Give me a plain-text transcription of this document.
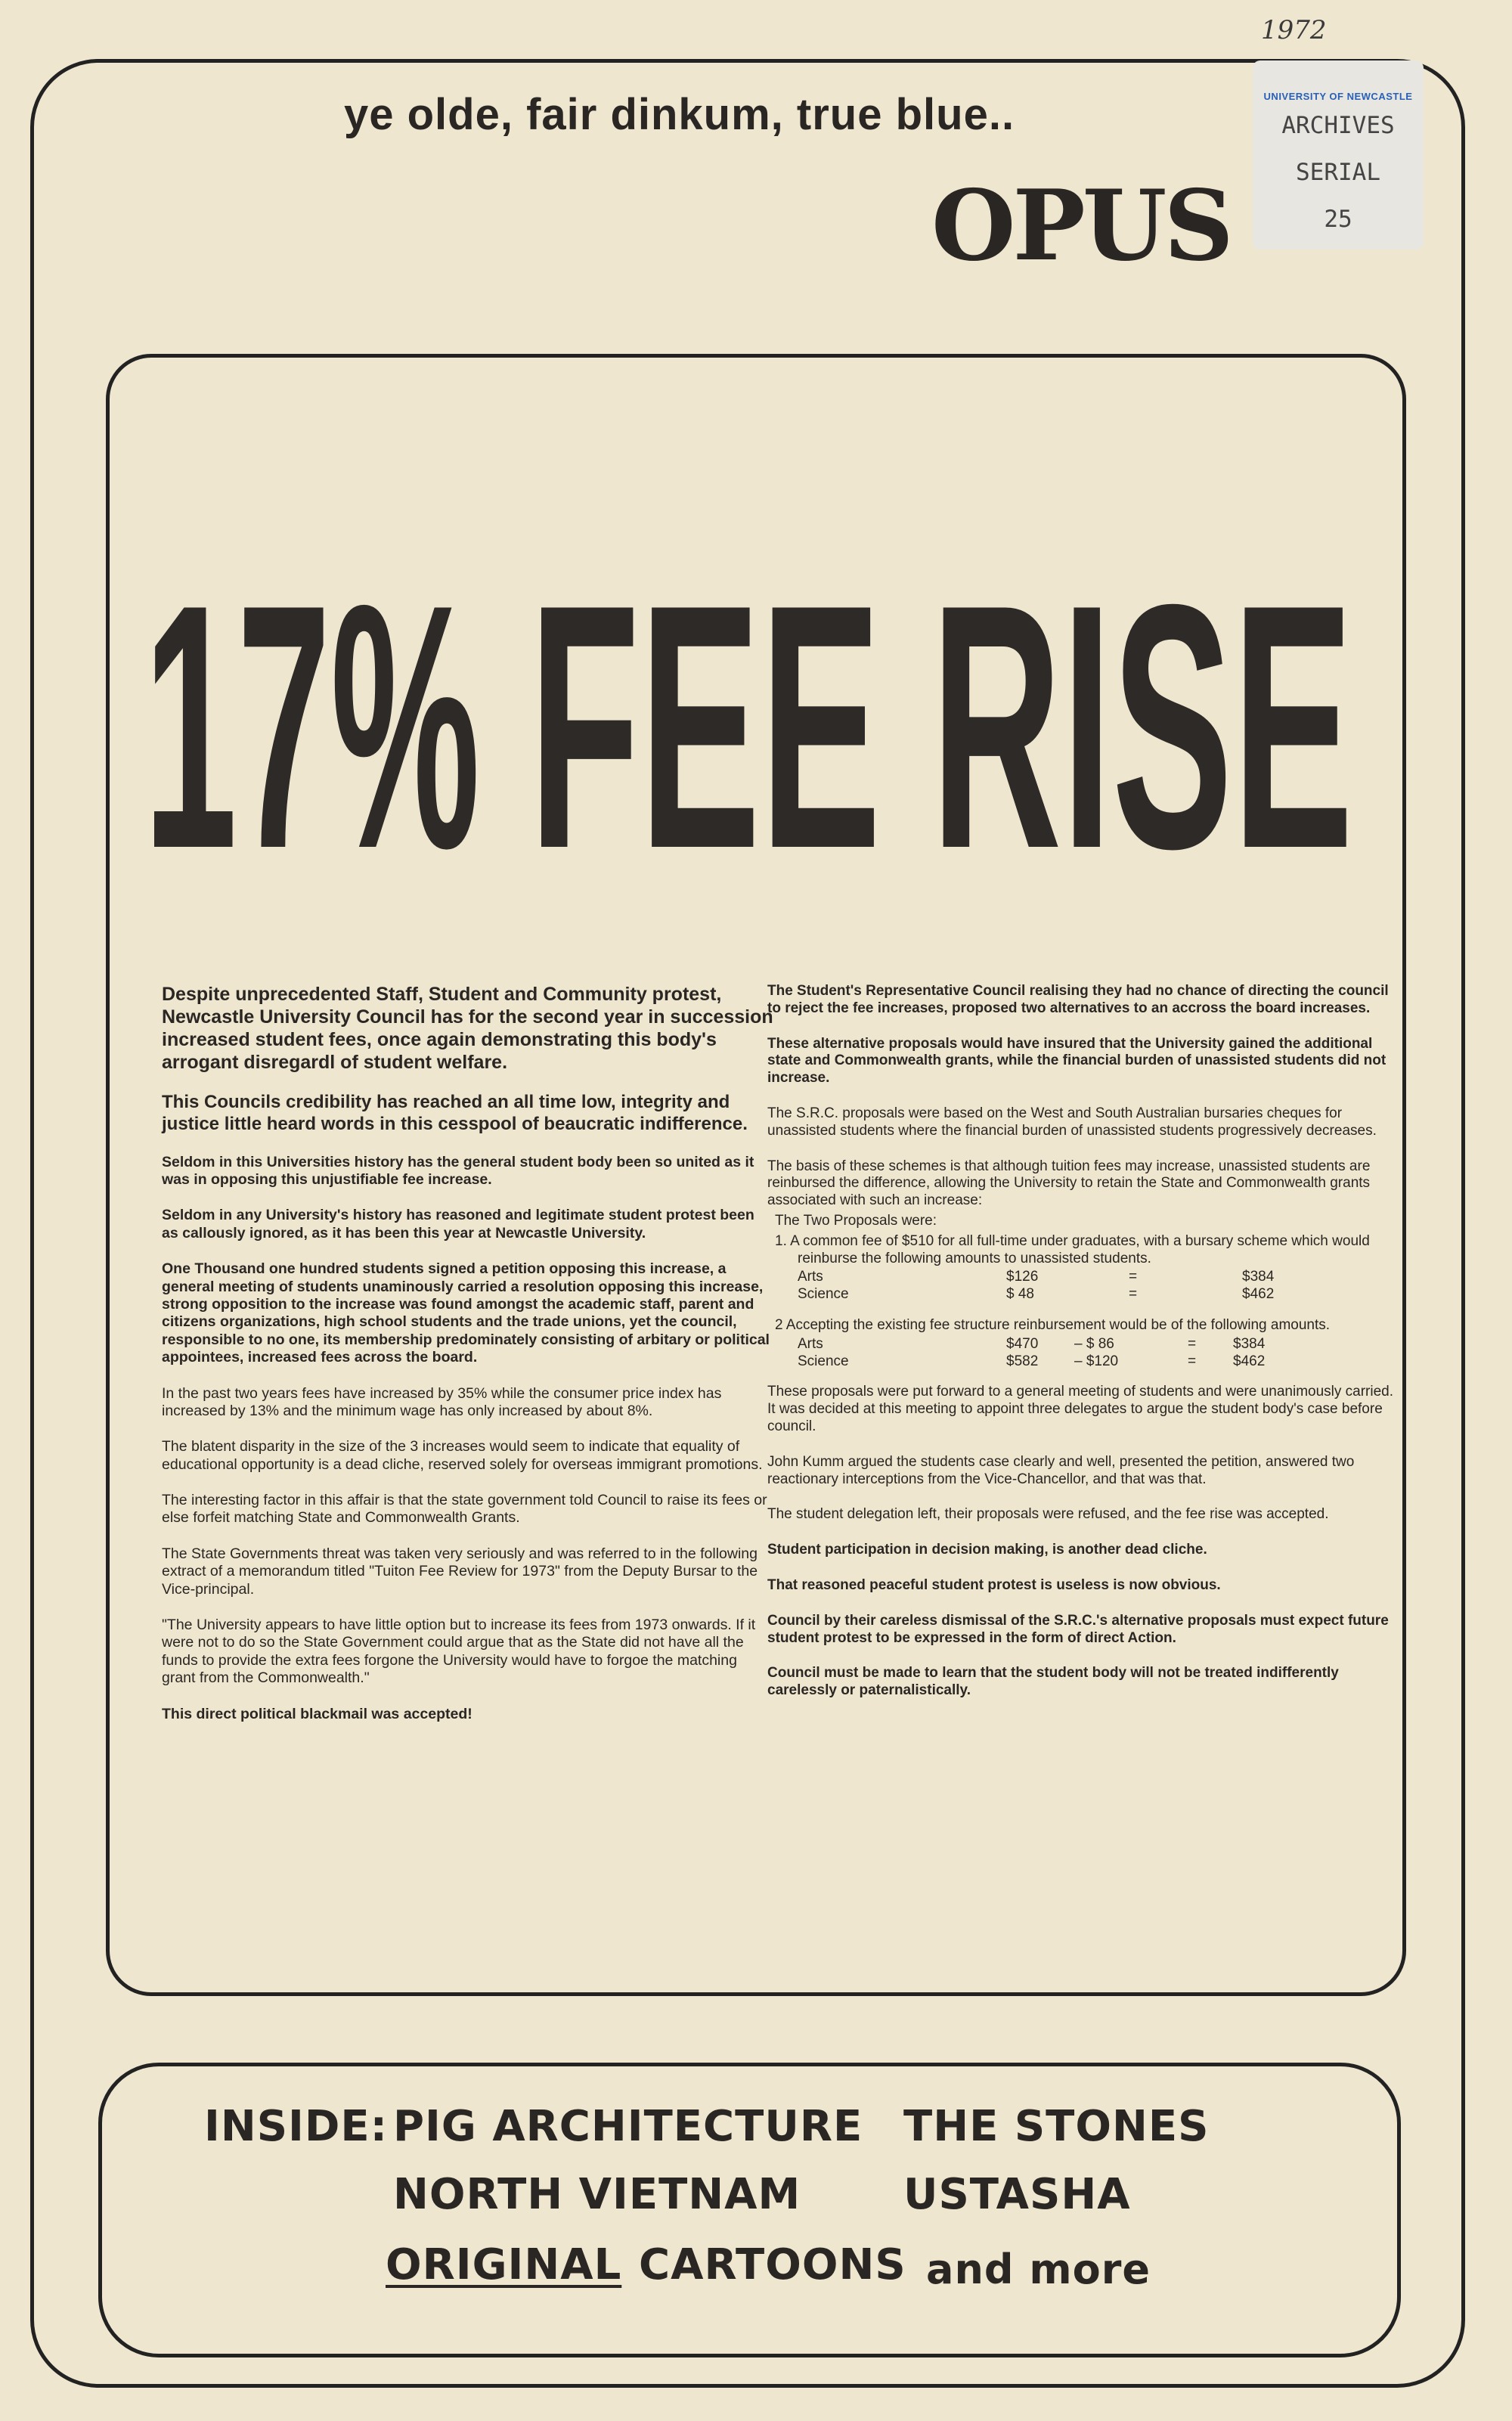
1972
UNIVERSITY OF NEWCASTLE
ARCHIVES
SERIAL
25
ye olde, fair dinkum, true blue..
OPUS
17% FEE RISE

Despite unprecedented Staff, Student and Community protest, Newcastle University Council has for the second year in succession increased student fees, once again demonstrating this body's arrogant disregardl of student welfare.

This Councils credibility has reached an all time low, integrity and justice little heard words in this cesspool of beaucratic indifference.

Seldom in this Universities history has the general student body been so united as it was in opposing this unjustifiable fee increase.

Seldom in any University's history has reasoned and legitimate student protest been as callously ignored, as it has been this year at Newcastle University.

One Thousand one hundred students signed a petition opposing this increase, a general meeting of students unaminously carried a resolution opposing this increase, strong opposition to the increase was found amongst the academic staff, parent and citizens organizations, high school students and the trade unions, yet the council, responsible to no one, its membership predominately consisting of arbitary or political appointees, increased fees across the board.

In the past two years fees have increased by 35% while the consumer price index has increased by 13% and the minimum wage has only increased by about 8%.

The blatent disparity in the size of the 3 increases would seem to indicate that equality of educational opportunity is a dead cliche, reserved solely for overseas immigrant promotions.

The interesting factor in this affair is that the state government told Council to raise its fees or else forfeit matching State and Commonwealth Grants.

The State Governments threat was taken very seriously and was referred to in the following extract of a memorandum titled "Tuiton Fee Review for 1973" from the Deputy Bursar to the Vice-principal.

"The University appears to have little option but to increase its fees from 1973 onwards. If it were not to do so the State Government could argue that as the State did not have all the funds to provide the extra fees forgone the University would have to forgoe the matching grant from the Commonwealth."

This direct political blackmail was accepted!

The Student's Representative Council realising they had no chance of directing the council to reject the fee increases, proposed two alternatives to an accross the board increases.

These alternative proposals would have insured that the University gained the additional state and Commonwealth grants, while the financial burden of unassisted students did not increase.

The S.R.C. proposals were based on the West and South Australian bursaries cheques for unassisted students where the financial burden of unassisted students progressively decreases.

The basis of these schemes is that although tuition fees may increase, unassisted students are reinbursed the difference, allowing the University to retain the State and Commonwealth grants associated with such an increase:

The Two Proposals were:

1. A common fee of $510 for all full-time under graduates, with a bursary scheme which would reinburse the following amounts to unassisted students.

Arts	$126	=	$384
Science	$ 48	=	$462

2 Accepting the existing fee structure reinbursement would be of the following amounts.

Arts	$470	– $ 86	=	$384
Science	$582	– $120	=	$462

These proposals were put forward to a general meeting of students and were unanimously carried. It was decided at this meeting to appoint three delegates to argue the student body's case before council.

John Kumm argued the students case clearly and well, presented the petition, answered two reactionary interceptions from the Vice-Chancellor, and that was that.

The student delegation left, their proposals were refused, and the fee rise was accepted.

Student participation in decision making, is another dead cliche.

That reasoned peaceful student protest is useless is now obvious.

Council by their careless dismissal of the S.R.C.'s alternative proposals must expect future student protest to be expressed in the form of direct Action.

Council must be made to learn that the student body will not be treated indifferently carelessly or paternalistically.

INSIDE: PIG ARCHITECTURE THE STONES
NORTH VIETNAM USTASHA
ORIGINAL CARTOONS and more
